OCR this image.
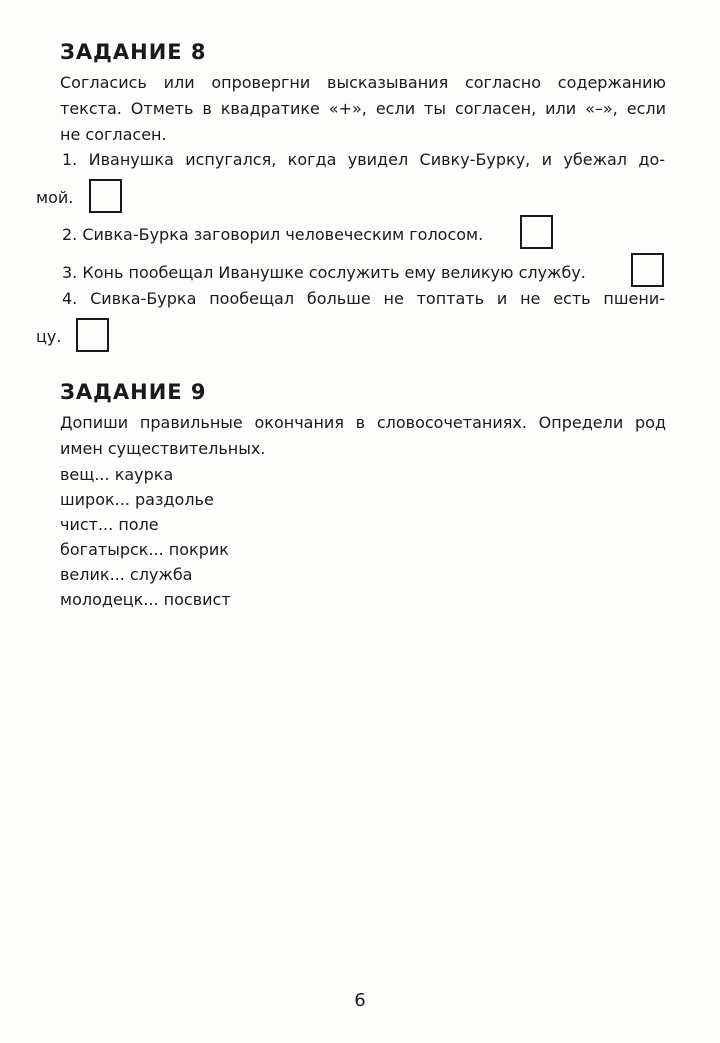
ЗАДАНИЕ 8
Согласись или опровергни высказывания согласно содержанию
текста. Отметь в квадратике «+», если ты согласен, или «–», если
не согласен.
1. Иванушка испугался, когда увидел Сивку-Бурку, и убежал до-
мой.
2. Сивка-Бурка заговорил человеческим голосом.
3. Конь пообещал Иванушке сослужить ему великую службу.
4. Сивка-Бурка пообещал больше не топтать и не есть пшени-
цу.
ЗАДАНИЕ 9
Допиши правильные окончания в словосочетаниях. Определи род
имен существительных.
вещ... каурка
широк... раздолье
чист... поле
богатырск... покрик
велик... служба
молодецк... посвист
6
